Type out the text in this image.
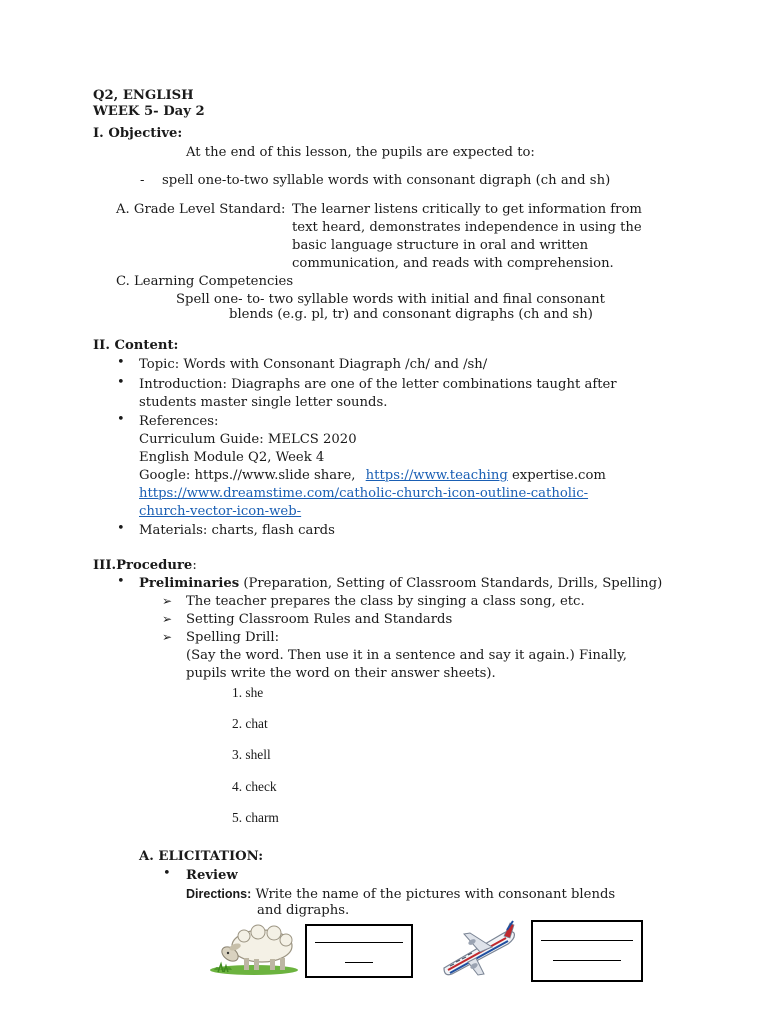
Q2, ENGLISH
WEEK 5- Day 2
I. Objective:
At the end of this lesson, the pupils are expected to:
- spell one-to-two syllable words with consonant digraph (ch and sh)
A. Grade Level Standard: The learner listens critically to get information from
text heard, demonstrates independence in using the
basic language structure in oral and written
communication, and reads with comprehension.
C. Learning Competencies
Spell one- to- two syllable words with initial and final consonant
blends (e.g. pl, tr) and consonant digraphs (ch and sh)
II. Content:
• Topic: Words with Consonant Diagraph /ch/ and /sh/
• Introduction: Diagraphs are one of the letter combinations taught after
students master single letter sounds.
• References:
Curriculum Guide: MELCS 2020
English Module Q2, Week 4
Google: https.//www.slide share, https://www.teaching expertise.com
https://www.dreamstime.com/catholic-church-icon-outline-catholic-
church-vector-icon-web-
• Materials: charts, flash cards
III.Procedure:
• Preliminaries (Preparation, Setting of Classroom Standards, Drills, Spelling)
➢ The teacher prepares the class by singing a class song, etc.
➢ Setting Classroom Rules and Standards
➢ Spelling Drill:
(Say the word. Then use it in a sentence and say it again.) Finally,
pupils write the word on their answer sheets).
1. she
2. chat
3. shell
4. check
5. charm
A. ELICITATION:
• Review
Directions: Write the name of the pictures with consonant blends
and digraphs.
